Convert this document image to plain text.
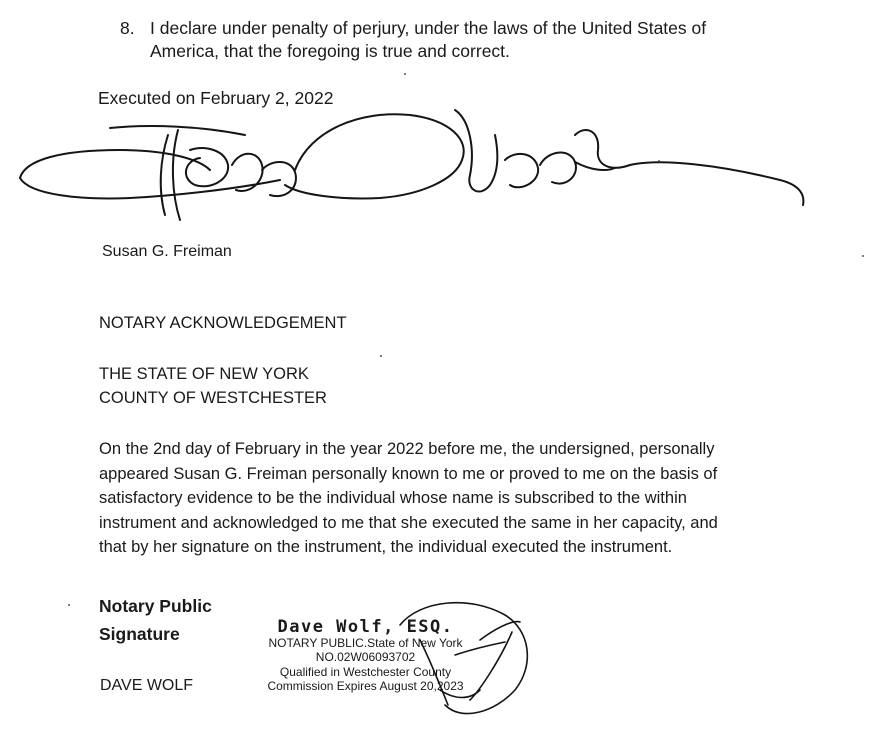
8. I declare under penalty of perjury, under the laws of the United States of
America, that the foregoing is true and correct.
Executed on February 2, 2022
Susan G. Freiman
NOTARY ACKNOWLEDGEMENT
THE STATE OF NEW YORK
COUNTY OF WESTCHESTER
On the 2nd day of February in the year 2022 before me, the undersigned, personally
appeared Susan G. Freiman personally known to me or proved to me on the basis of
satisfactory evidence to be the individual whose name is subscribed to the within
instrument and acknowledged to me that she executed the same in her capacity, and
that by her signature on the instrument, the individual executed the instrument.
Notary Public
Signature
DAVE WOLF
Dave Wolf, ESQ.
NOTARY PUBLIC.State of New York
NO.02W06093702
Qualified in Westchester County
Commission Expires August 20,2023
